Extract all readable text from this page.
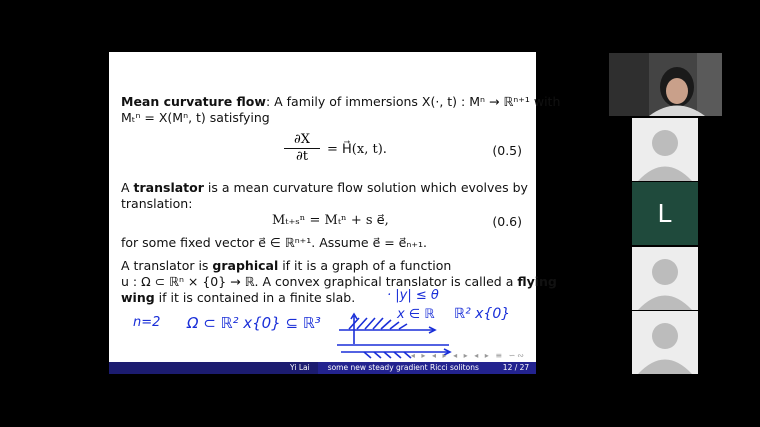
Mean curvature flow: A family of immersions X(·, t) : Mⁿ → ℝⁿ⁺¹ with
Mₜⁿ = X(Mⁿ, t) satisfying
$\frac{\partial X}{\partial t}$ = H⃗(x, t).	(0.5)
A translator is a mean curvature flow solution which evolves by
translation:
Mₜ₊ₛⁿ = Mₜⁿ + s e⃗,	(0.6)
for some fixed vector e⃗ ∈ ℝⁿ⁺¹. Assume e⃗ = e⃗ₙ₊₁.
A translator is graphical if it is a graph of a function
u : Ω ⊂ ℝⁿ × {0} → ℝ. A convex graphical translator is called a flying
wing if it is contained in a finite slab.
n=2 Ω ⊂ ℝ² x{0} ⊆ ℝ³
· |y| ≤ θ
x ∈ ℝ ℝ² x{0}
◂ ▸ ◂ ▸ ◂ ▸ ◂ ▸ ≡ ∽∾
Yi Lai	some new steady gradient Ricci solitons	12 / 27
L
